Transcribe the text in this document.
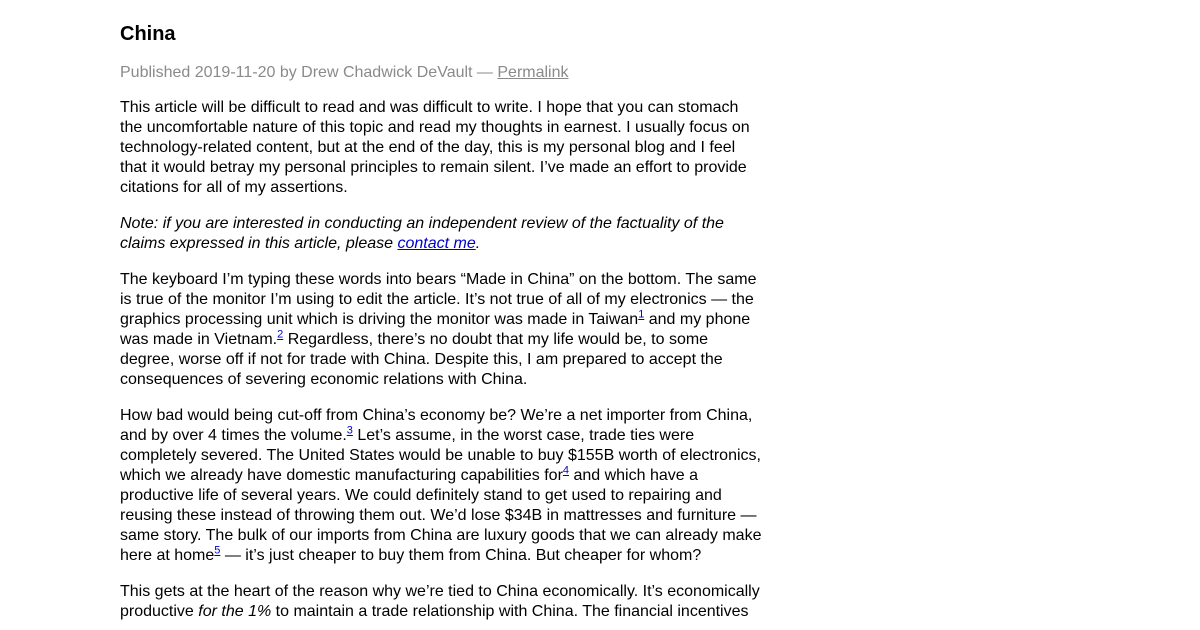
China
Published 2019-11-20 by Drew Chadwick DeVault — Permalink

This article will be difficult to read and was difficult to write. I hope that you can stomach the uncomfortable nature of this topic and read my thoughts in earnest. I usually focus on technology-related content, but at the end of the day, this is my personal blog and I feel that it would betray my personal principles to remain silent. I’ve made an effort to provide citations for all of my assertions.

Note: if you are interested in conducting an independent review of the factuality of the claims expressed in this article, please contact me.

The keyboard I’m typing these words into bears “Made in China” on the bottom. The same is true of the monitor I’m using to edit the article. It’s not true of all of my electronics — the graphics processing unit which is driving the monitor was made in Taiwan$^1$ and my phone was made in Vietnam.$^2$ Regardless, there’s no doubt that my life would be, to some degree, worse off if not for trade with China. Despite this, I am prepared to accept the consequences of severing economic relations with China.

How bad would being cut-off from China’s economy be? We’re a net importer from China, and by over 4 times the volume.$^3$ Let’s assume, in the worst case, trade ties were completely severed. The United States would be unable to buy $155B worth of electronics, which we already have domestic manufacturing capabilities for$^4$ and which have a productive life of several years. We could definitely stand to get used to repairing and reusing these instead of throwing them out. We’d lose $34B in mattresses and furniture — same story. The bulk of our imports from China are luxury goods that we can already make here at home$^5$ — it’s just cheaper to buy them from China. But cheaper for whom?

This gets at the heart of the reason why we’re tied to China economically. It’s economically productive for the 1% to maintain a trade relationship with China. The financial incentives
